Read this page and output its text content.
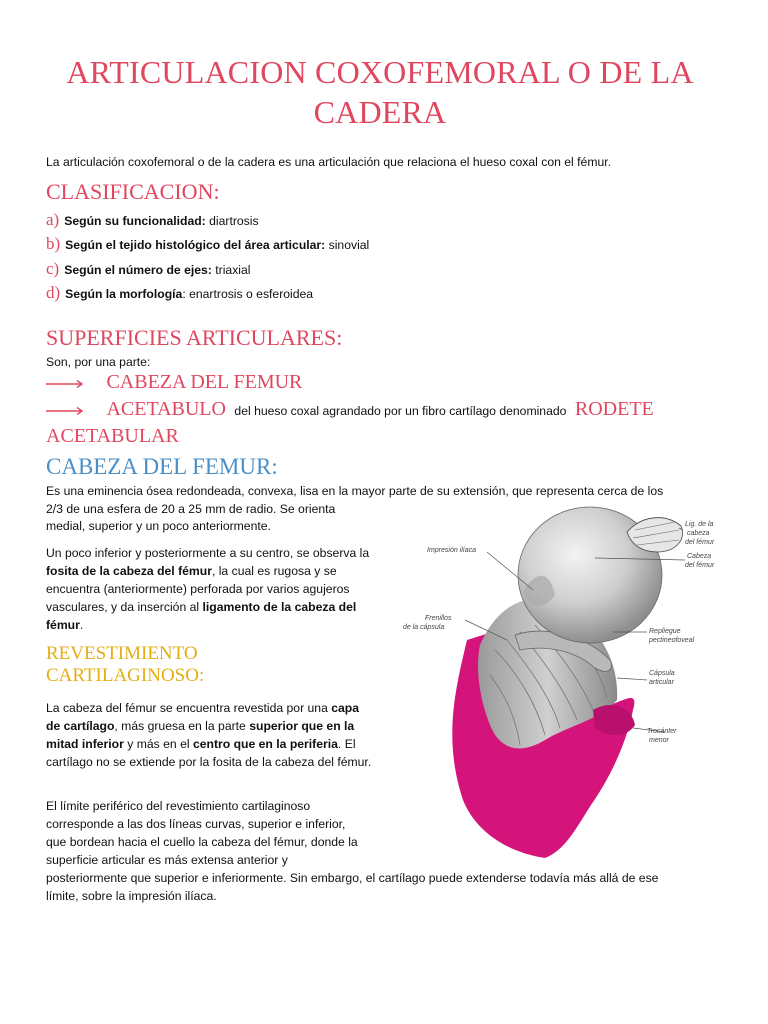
ARTICULACION COXOFEMORAL O DE LA CADERA
La articulación coxofemoral o de la cadera es una articulación que relaciona el hueso coxal con el fémur.
CLASIFICACION:
a) Según su funcionalidad: diartrosis
b) Según el tejido histológico del área articular: sinovial
c) Según el número de ejes: triaxial
d) Según la morfología: enartrosis o esferoidea
SUPERFICIES ARTICULARES:
Son, por una parte:
CABEZA DEL FEMUR
ACETABULO del hueso coxal agrandado por un fibro cartílago denominado RODETE
ACETABULAR
CABEZA DEL FEMUR:
Es una eminencia ósea redondeada, convexa, lisa en la mayor parte de su extensión, que representa cerca de los
2/3 de una esfera de 20 a 25 mm de radio. Se orienta
medial, superior y un poco anteriormente.
Un poco inferior y posteriormente a su centro, se observa la fosita de la cabeza del fémur, la cual es rugosa y se encuentra (anteriormente) perforada por varios agujeros vasculares, y da inserción al ligamento de la cabeza del fémur.
REVESTIMIENTO
CARTILAGINOSO:
La cabeza del fémur se encuentra revestida por una capa de cartílago, más gruesa en la parte superior que en la mitad inferior y más en el centro que en la periferia. El cartílago no se extiende por la fosita de la cabeza del fémur.
El límite periférico del revestimiento cartilaginoso
corresponde a las dos líneas curvas, superior e inferior,
que bordean hacia el cuello la cabeza del fémur, donde la
superficie articular es más extensa anterior y
posteriormente que superior e inferiormente. Sin embargo, el cartílago puede extenderse todavía más allá de ese
límite, sobre la impresión ilíaca.
Lig. de la
cabeza
del fémur
Cabeza
del fémur
Impresión ilíaca
Frenillos
de la cápsula
Repliegue
pectineofoveal
Cápsula
articular
Trocánter
menor
